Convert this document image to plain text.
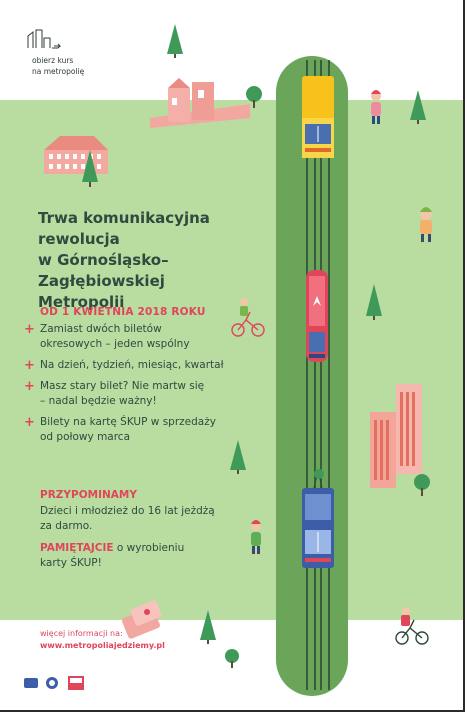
obierz kurs
na metropolię

Trwa komunikacyjna rewolucja
w Górnośląsko–Zagłębiowskiej
Metropolii

OD 1 KWIETNIA 2018 ROKU

+ Zamiast dwóch biletów
okresowych – jeden wspólny
+ Na dzień, tydzień, miesiąc, kwartał
+ Masz stary bilet? Nie martw się
– nadal będzie ważny!
+ Bilety na kartę ŚKUP w sprzedaży
od połowy marca

PRZYPOMINAMY

Dzieci i młodzież do 16 lat jeżdżą
za darmo.

PAMIĘTAJCIE o wyrobieniu
karty ŚKUP!

więcej informacji na:

www.metropoliajedziemy.pl
